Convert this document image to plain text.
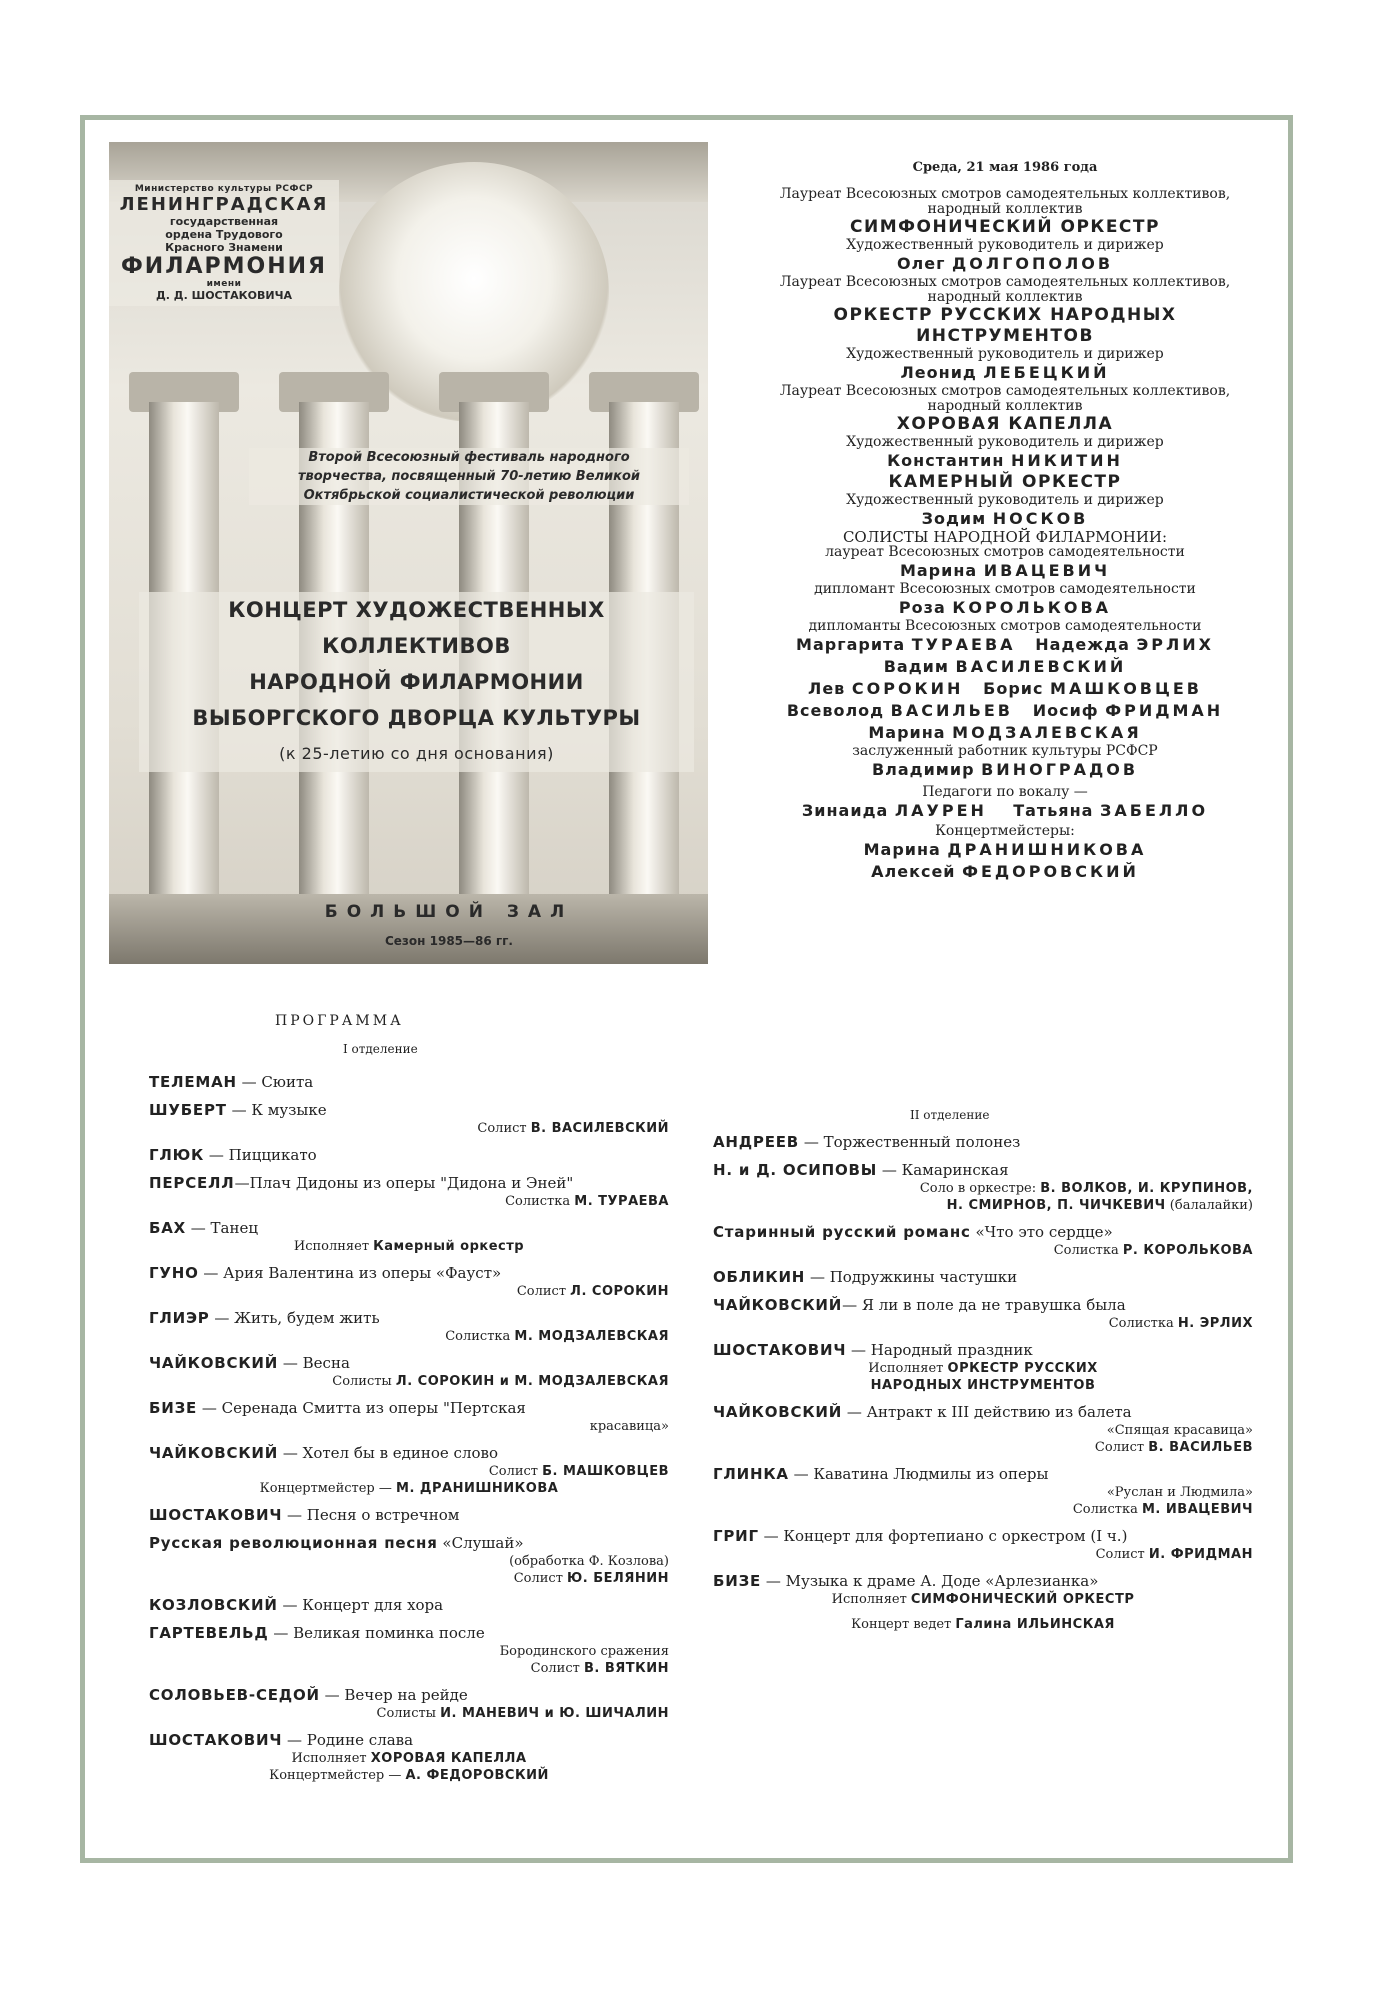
Министерство культуры РСФСР
ЛЕНИНГРАДСКАЯ
государственная
ордена Трудового
Красного Знамени
ФИЛАРМОНИЯ
имени
Д. Д. ШОСТАКОВИЧА
Второй Всесоюзный фестиваль народного
творчества, посвященный 70-летию Великой
Октябрьской социалистической революции
КОНЦЕРТ ХУДОЖЕСТВЕННЫХ КОЛЛЕКТИВОВ
НАРОДНОЙ ФИЛАРМОНИИ
ВЫБОРГСКОГО ДВОРЦА КУЛЬТУРЫ
(к 25-летию со дня основания)
БОЛЬШОЙ ЗАЛ
Сезон 1985—86 гг.
Среда, 21 мая 1986 года

Лауреат Всесоюзных смотров самодеятельных коллективов,

народный коллектив

СИМФОНИЧЕСКИЙ ОРКЕСТР

Художественный руководитель и дирижер

Олег ДОЛГОПОЛОВ

Лауреат Всесоюзных смотров самодеятельных коллективов,

народный коллектив

ОРКЕСТР РУССКИХ НАРОДНЫХ

ИНСТРУМЕНТОВ

Художественный руководитель и дирижер

Леонид ЛЕБЕЦКИЙ

Лауреат Всесоюзных смотров самодеятельных коллективов,

народный коллектив

ХОРОВАЯ КАПЕЛЛА

Художественный руководитель и дирижер

Константин НИКИТИН

КАМЕРНЫЙ ОРКЕСТР

Художественный руководитель и дирижер

Зодим НОСКОВ

СОЛИСТЫ НАРОДНОЙ ФИЛАРМОНИИ:

лауреат Всесоюзных смотров самодеятельности

Марина ИВАЦЕВИЧ

дипломант Всесоюзных смотров самодеятельности

Роза КОРОЛЬКОВА

дипломанты Всесоюзных смотров самодеятельности

Маргарита ТУРАЕВА Надежда ЭРЛИХ

Вадим ВАСИЛЕВСКИЙ

Лев СОРОКИН Борис МАШКОВЦЕВ

Всеволод ВАСИЛЬЕВ Иосиф ФРИДМАН

Марина МОДЗАЛЕВСКАЯ

заслуженный работник культуры РСФСР

Владимир ВИНОГРАДОВ

Педагоги по вокалу —

Зинаида ЛАУРЕН Татьяна ЗАБЕЛЛО

Концертмейстеры:

Марина ДРАНИШНИКОВА

Алексей ФЕДОРОВСКИЙ

ПРОГРАММА
I отделение
II отделение
ТЕЛЕМАН — Сюита
ШУБЕРТ — К музыке
Солист В. ВАСИЛЕВСКИЙ
ГЛЮК — Пиццикато
ПЕРСЕЛЛ—Плач Дидоны из оперы "Дидона и Эней"
Солистка М. ТУРАЕВА
БАХ — Танец
Исполняет Камерный оркестр
ГУНО — Ария Валентина из оперы «Фауст»
Солист Л. СОРОКИН
ГЛИЭР — Жить, будем жить
Солистка М. МОДЗАЛЕВСКАЯ
ЧАЙКОВСКИЙ — Весна
Солисты Л. СОРОКИН и М. МОДЗАЛЕВСКАЯ
БИЗЕ — Серенада Смитта из оперы "Пертская
красавица»
ЧАЙКОВСКИЙ — Хотел бы в единое слово
Солист Б. МАШКОВЦЕВ
Концертмейстер — М. ДРАНИШНИКОВА
ШОСТАКОВИЧ — Песня о встречном
Русская революционная песня «Слушай»
(обработка Ф. Козлова)
Солист Ю. БЕЛЯНИН
КОЗЛОВСКИЙ — Концерт для хора
ГАРТЕВЕЛЬД — Великая поминка после
Бородинского сражения
Солист В. ВЯТКИН
СОЛОВЬЕВ-СЕДОЙ — Вечер на рейде
Солисты И. МАНЕВИЧ и Ю. ШИЧАЛИН
ШОСТАКОВИЧ — Родине слава
Исполняет ХОРОВАЯ КАПЕЛЛА
Концертмейстер — А. ФЕДОРОВСКИЙ
АНДРЕЕВ — Торжественный полонез
Н. и Д. ОСИПОВЫ — Камаринская
Соло в оркестре: В. ВОЛКОВ, И. КРУПИНОВ,
Н. СМИРНОВ, П. ЧИЧКЕВИЧ (балалайки)
Старинный русский романс «Что это сердце»
Солистка Р. КОРОЛЬКОВА
ОБЛИКИН — Подружкины частушки
ЧАЙКОВСКИЙ— Я ли в поле да не травушка была
Солистка Н. ЭРЛИХ
ШОСТАКОВИЧ — Народный праздник
Исполняет ОРКЕСТР РУССКИХ
НАРОДНЫХ ИНСТРУМЕНТОВ
ЧАЙКОВСКИЙ — Антракт к III действию из балета
«Спящая красавица»
Солист В. ВАСИЛЬЕВ
ГЛИНКА — Каватина Людмилы из оперы
«Руслан и Людмила»
Солистка М. ИВАЦЕВИЧ
ГРИГ — Концерт для фортепиано с оркестром (I ч.)
Солист И. ФРИДМАН
БИЗЕ — Музыка к драме А. Доде «Арлезианка»
Исполняет СИМФОНИЧЕСКИЙ ОРКЕСТР
Концерт ведет Галина ИЛЬИНСКАЯ
